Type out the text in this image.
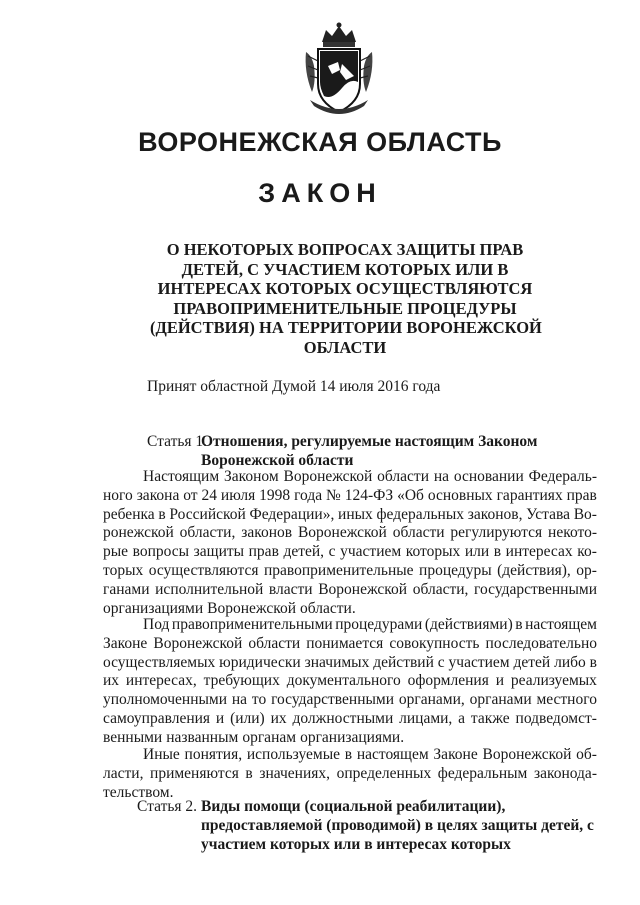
ВОРОНЕЖСКАЯ ОБЛАСТЬ
ЗАКОН
О НЕКОТОРЫХ ВОПРОСАХ ЗАЩИТЫ ПРАВ
ДЕТЕЙ, С УЧАСТИЕМ КОТОРЫХ ИЛИ В
ИНТЕРЕСАХ КОТОРЫХ ОСУЩЕСТВЛЯЮТСЯ
ПРАВОПРИМЕНИТЕЛЬНЫЕ ПРОЦЕДУРЫ
(ДЕЙСТВИЯ) НА ТЕРРИТОРИИ ВОРОНЕЖСКОЙ
ОБЛАСТИ
Принят областной Думой 14 июля 2016 года
Статья 1.
Отношения, регулируемые настоящим Законом
Воронежской области
Настоящим Законом Воронежской области на основании Федераль-
ного закона от 24 июля 1998 года № 124-ФЗ «Об основных гарантиях прав
ребенка в Российской Федерации», иных федеральных законов, Устава Во-
ронежской области, законов Воронежской области регулируются некото-
рые вопросы защиты прав детей, с участием которых или в интересах ко-
торых осуществляются правоприменительные процедуры (действия), ор-
ганами исполнительной власти Воронежской области, государственными
организациями Воронежской области.
Под правоприменительными процедурами (действиями) в настоящем
Законе Воронежской области понимается совокупность последовательно
осуществляемых юридически значимых действий с участием детей либо в
их интересах, требующих документального оформления и реализуемых
уполномоченными на то государственными органами, органами местного
самоуправления и (или) их должностными лицами, а также подведомст-
венными названным органам организациями.
Иные понятия, используемые в настоящем Законе Воронежской об-
ласти, применяются в значениях, определенных федеральным законода-
тельством.
Статья 2. Виды помощи (социальной реабилитации),
предоставляемой (проводимой) в целях защиты детей, с
участием которых или в интересах которых
